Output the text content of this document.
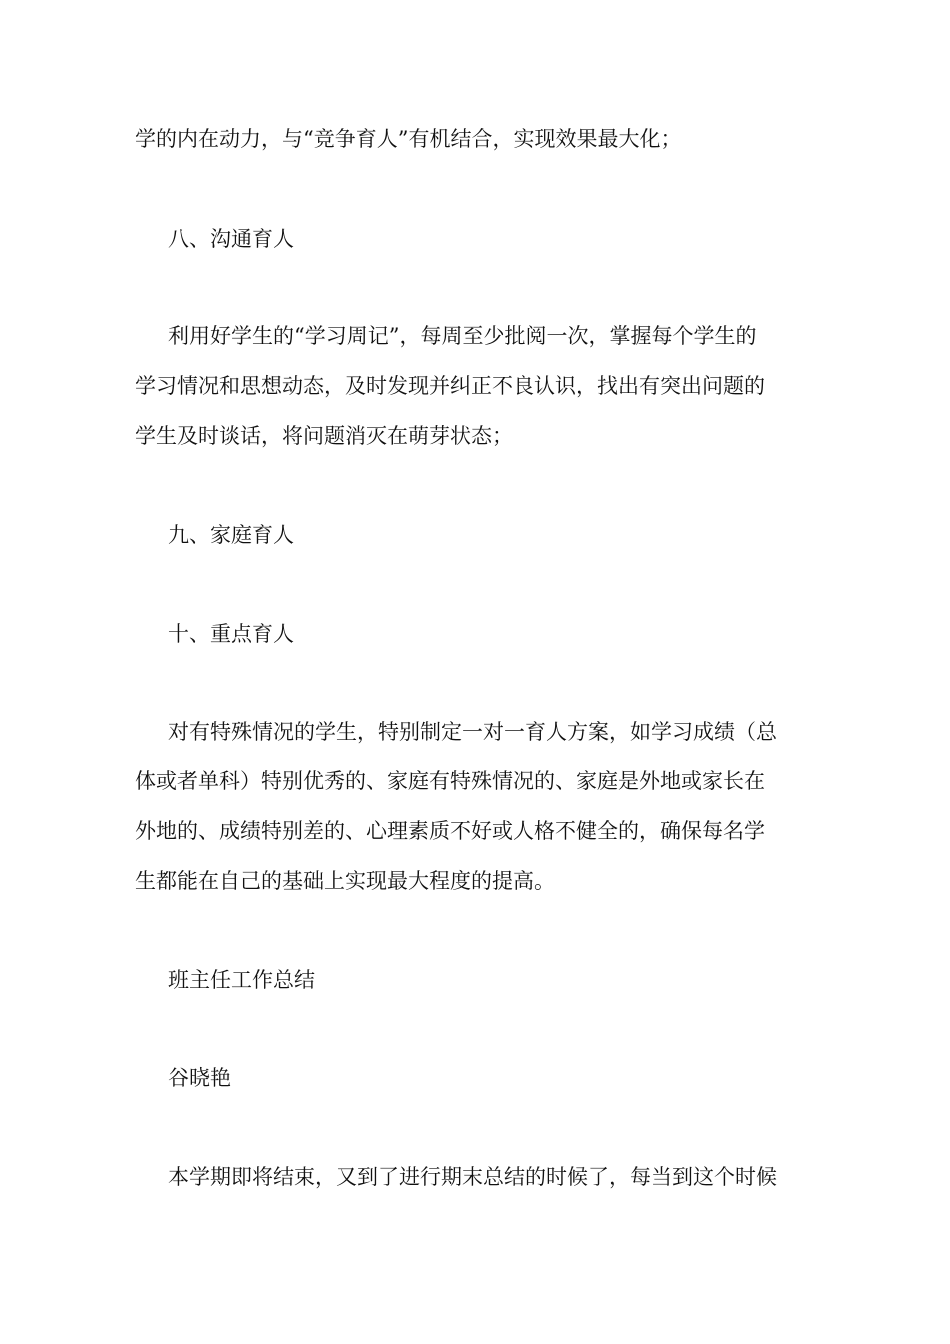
学的内在动力，与“竞争育人”有机结合，实现效果最大化；
八、沟通育人
利用好学生的“学习周记”，每周至少批阅一次，掌握每个学生的
学习情况和思想动态，及时发现并纠正不良认识，找出有突出问题的
学生及时谈话，将问题消灭在萌芽状态；
九、家庭育人
十、重点育人
对有特殊情况的学生，特别制定一对一育人方案，如学习成绩（总
体或者单科）特别优秀的、家庭有特殊情况的、家庭是外地或家长在
外地的、成绩特别差的、心理素质不好或人格不健全的，确保每名学
生都能在自己的基础上实现最大程度的提高。
班主任工作总结
谷晓艳
本学期即将结束，又到了进行期末总结的时候了，每当到这个时候
